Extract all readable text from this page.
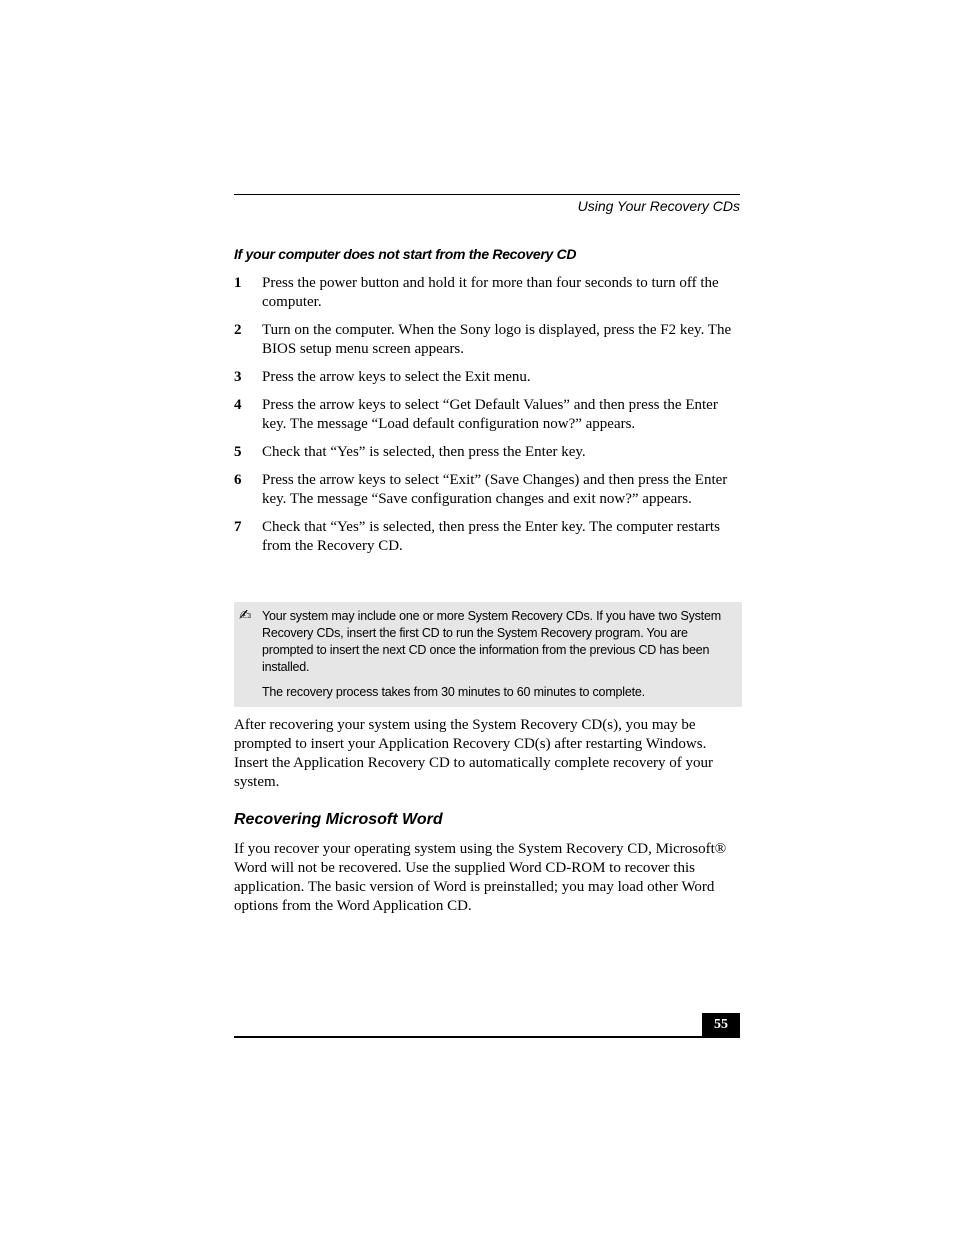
Using Your Recovery CDs
If your computer does not start from the Recovery CD
1 Press the power button and hold it for more than four seconds to turn off the computer.
2 Turn on the computer. When the Sony logo is displayed, press the F2 key. The BIOS setup menu screen appears.
3 Press the arrow keys to select the Exit menu.
4 Press the arrow keys to select “Get Default Values” and then press the Enter key. The message “Load default configuration now?” appears.
5 Check that “Yes” is selected, then press the Enter key.
6 Press the arrow keys to select “Exit” (Save Changes) and then press the Enter key. The message “Save configuration changes and exit now?” appears.
7 Check that “Yes” is selected, then press the Enter key. The computer restarts from the Recovery CD.
✍ Your system may include one or more System Recovery CDs. If you have two System Recovery CDs, insert the first CD to run the System Recovery program. You are prompted to insert the next CD once the information from the previous CD has been installed.

The recovery process takes from 30 minutes to 60 minutes to complete.

After recovering your system using the System Recovery CD(s), you may be prompted to insert your Application Recovery CD(s) after restarting Windows. Insert the Application Recovery CD to automatically complete recovery of your system.

Recovering Microsoft Word

If you recover your operating system using the System Recovery CD, Microsoft® Word will not be recovered. Use the supplied Word CD-ROM to recover this application. The basic version of Word is preinstalled; you may load other Word options from the Word Application CD.

55
